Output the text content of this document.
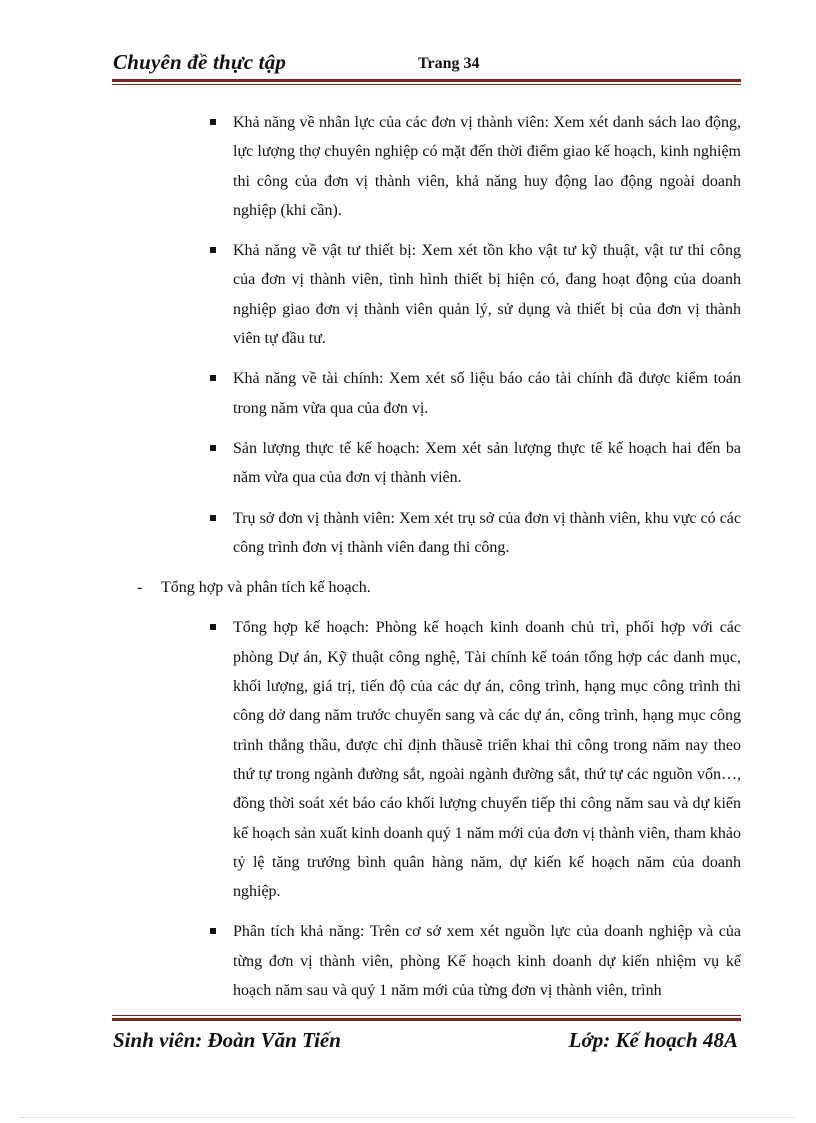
Chuyên đề thực tập	Trang 34
Khả năng về nhân lực của các đơn vị thành viên: Xem xét danh sách lao động, lực lượng thợ chuyên nghiệp có mặt đến thời điểm giao kế hoạch, kinh nghiệm thi công của đơn vị thành viên, khả năng huy động lao động ngoài doanh nghiệp (khi cần).
Khả năng về vật tư thiết bị: Xem xét tồn kho vật tư kỹ thuật, vật tư thi công của đơn vị thành viên, tình hình thiết bị hiện có, đang hoạt động của doanh nghiệp giao đơn vị thành viên quản lý, sử dụng và thiết bị của đơn vị thành viên tự đầu tư.
Khả năng về tài chính: Xem xét số liệu báo cáo tài chính đã được kiểm toán trong năm vừa qua của đơn vị.
Sản lượng thực tế kế hoạch: Xem xét sản lượng thực tế kế hoạch hai đến ba năm vừa qua của đơn vị thành viên.
Trụ sở đơn vị thành viên: Xem xét trụ sở của đơn vị thành viên, khu vực có các công trình đơn vị thành viên đang thi công.
- Tổng hợp và phân tích kế hoạch.
Tổng hợp kế hoạch: Phòng kế hoạch kinh doanh chủ trì, phối hợp với các phòng Dự án, Kỹ thuật công nghệ, Tài chính kế toán tổng hợp các danh mục, khối lượng, giá trị, tiến độ của các dự án, công trình, hạng mục công trình thi công dở dang năm trước chuyển sang và các dự án, công trình, hạng mục công trình thắng thầu, được chỉ định thầusẽ triển khai thi công trong năm nay theo thứ tự trong ngành đường sắt, ngoài ngành đường sắt, thứ tự các nguồn vốn…, đồng thời soát xét báo cáo khối lượng chuyển tiếp thi công năm sau và dự kiến kế hoạch sản xuất kinh doanh quý 1 năm mới của đơn vị thành viên, tham khảo tỷ lệ tăng trưởng bình quân hàng năm, dự kiến kế hoạch năm của doanh nghiệp.
Phân tích khả năng: Trên cơ sở xem xét nguồn lực của doanh nghiệp và của từng đơn vị thành viên, phòng Kế hoạch kinh doanh dự kiến nhiệm vụ kế hoạch năm sau và quý 1 năm mới của từng đơn vị thành viên, trình
Sinh viên: Đoàn Văn Tiến	Lớp: Kế hoạch 48A
